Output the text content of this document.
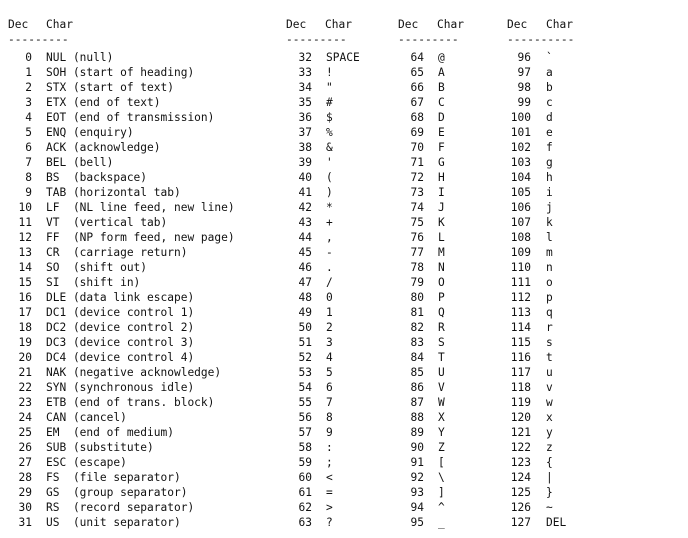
Dec Char
---------
0 NUL (null)
1 SOH (start of heading)
2 STX (start of text)
3 ETX (end of text)
4 EOT (end of transmission)
5 ENQ (enquiry)
6 ACK (acknowledge)
7 BEL (bell)
8 BS  (backspace)
9 TAB (horizontal tab)
10 LF  (NL line feed, new line)
11 VT  (vertical tab)
12 FF  (NP form feed, new page)
13 CR  (carriage return)
14 SO  (shift out)
15 SI  (shift in)
16 DLE (data link escape)
17 DC1 (device control 1)
18 DC2 (device control 2)
19 DC3 (device control 3)
20 DC4 (device control 4)
21 NAK (negative acknowledge)
22 SYN (synchronous idle)
23 ETB (end of trans. block)
24 CAN (cancel)
25 EM  (end of medium)
26 SUB (substitute)
27 ESC (escape)
28 FS  (file separator)
29 GS  (group separator)
30 RS  (record separator)
31 US  (unit separator)
Dec Char
---------
32 SPACE
33 !
34 "
35 #
36 $
37 %
38 &
39 '
40 (
41 )
42 *
43 +
44 ,
45 -
46 .
47 /
48 0
49 1
50 2
51 3
52 4
53 5
54 6
55 7
56 8
57 9
58 :
59 ;
60 <
61 =
62 >
63 ?
Dec Char
---------
64 @
65 A
66 B
67 C
68 D
69 E
70 F
71 G
72 H
73 I
74 J
75 K
76 L
77 M
78 N
79 O
80 P
81 Q
82 R
83 S
84 T
85 U
86 V
87 W
88 X
89 Y
90 Z
91 [
92 \
93 ]
94 ^
95 _
Dec Char
----------
96 `
97 a
98 b
99 c
100 d
101 e
102 f
103 g
104 h
105 i
106 j
107 k
108 l
109 m
110 n
111 o
112 p
113 q
114 r
115 s
116 t
117 u
118 v
119 w
120 x
121 y
122 z
123 {
124 |
125 }
126 ~
127 DEL
